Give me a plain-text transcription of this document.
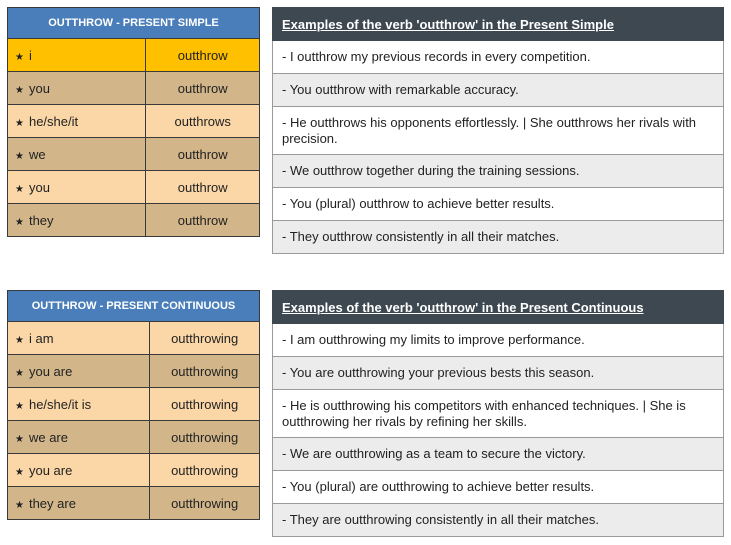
OUTTHROW - PRESENT SIMPLE	
★ i	outthrow
★ you	outthrow
★ he/she/it	outthrows
★ we	outthrow
★ you	outthrow
★ they	outthrow
Examples of the verb 'outthrow' in the Present Simple
- I outthrow my previous records in every competition.
- You outthrow with remarkable accuracy.
- He outthrows his opponents effortlessly. | She outthrows her rivals with precision.
- We outthrow together during the training sessions.
- You (plural) outthrow to achieve better results.
- They outthrow consistently in all their matches.
OUTTHROW - PRESENT CONTINUOUS	
★ i am	outthrowing
★ you are	outthrowing
★ he/she/it is	outthrowing
★ we are	outthrowing
★ you are	outthrowing
★ they are	outthrowing
Examples of the verb 'outthrow' in the Present Continuous
- I am outthrowing my limits to improve performance.
- You are outthrowing your previous bests this season.
- He is outthrowing his competitors with enhanced techniques. | She is outthrowing her rivals by refining her skills.
- We are outthrowing as a team to secure the victory.
- You (plural) are outthrowing to achieve better results.
- They are outthrowing consistently in all their matches.
